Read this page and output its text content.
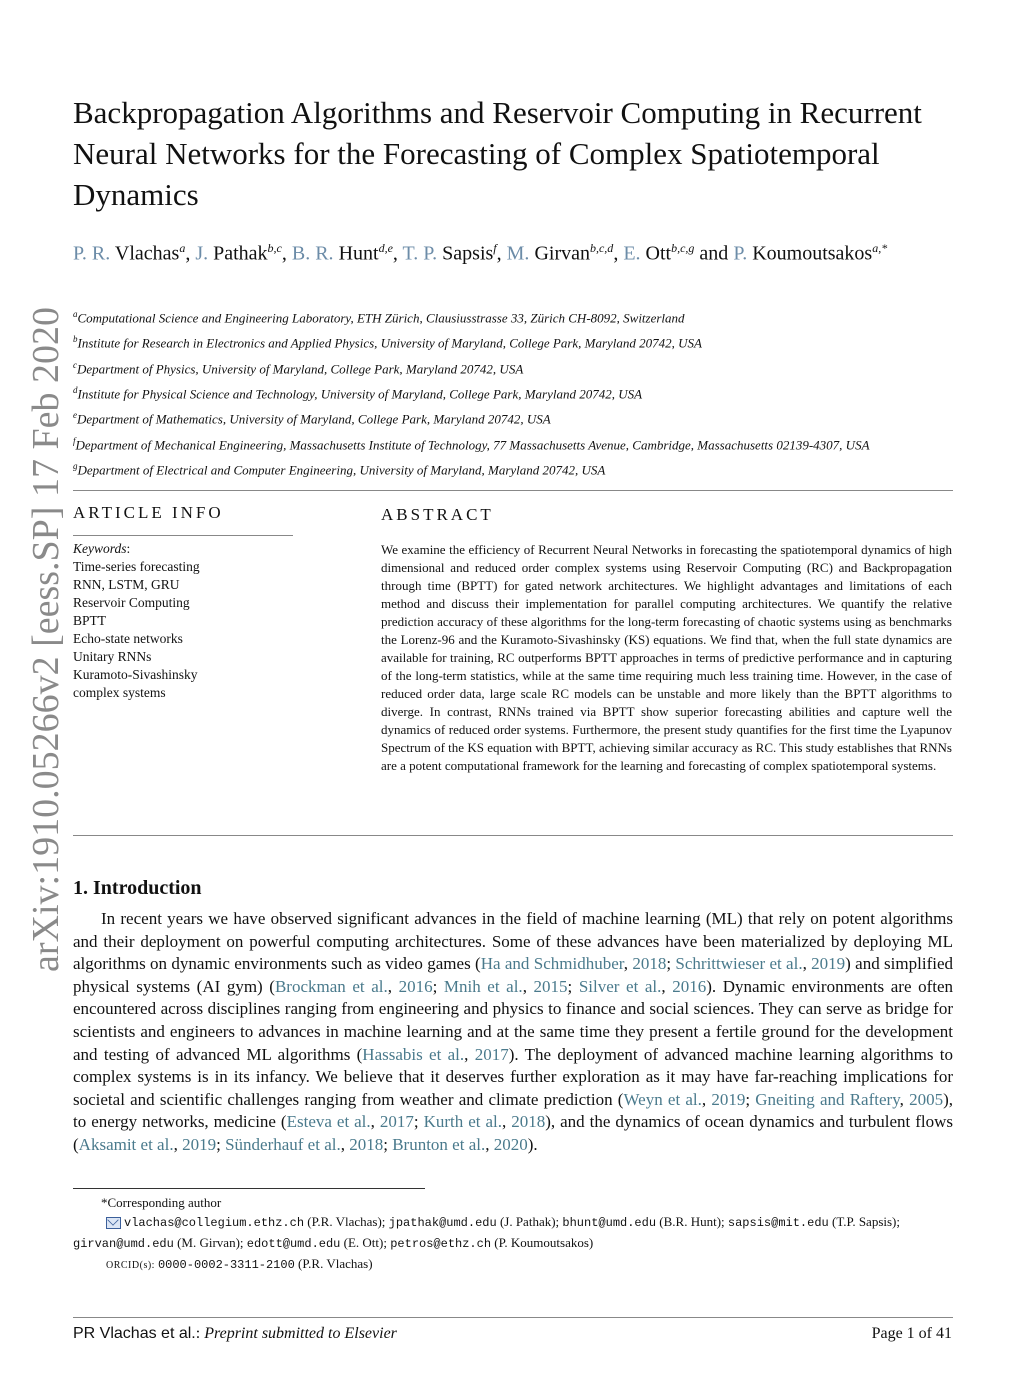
arXiv:1910.05266v2 [eess.SP] 17 Feb 2020
Backpropagation Algorithms and Reservoir Computing in Recurrent Neural Networks for the Forecasting of Complex Spatiotemporal Dynamics
P. R. Vlachas$^a$, J. Pathak$^{b,c}$, B. R. Hunt$^{d,e}$, T. P. Sapsis$^f$, M. Girvan$^{b,c,d}$, E. Ott$^{b,c,g}$ and P. Koumoutsakos$^{a,*}$
$^a$Computational Science and Engineering Laboratory, ETH Zürich, Clausiusstrasse 33, Zürich CH-8092, Switzerland
$^b$Institute for Research in Electronics and Applied Physics, University of Maryland, College Park, Maryland 20742, USA
$^c$Department of Physics, University of Maryland, College Park, Maryland 20742, USA
$^d$Institute for Physical Science and Technology, University of Maryland, College Park, Maryland 20742, USA
$^e$Department of Mathematics, University of Maryland, College Park, Maryland 20742, USA
$^f$Department of Mechanical Engineering, Massachusetts Institute of Technology, 77 Massachusetts Avenue, Cambridge, Massachusetts 02139-4307, USA
$^g$Department of Electrical and Computer Engineering, University of Maryland, Maryland 20742, USA
ARTICLE INFO	ABSTRACT
Keywords:
Time-series forecasting
RNN, LSTM, GRU
Reservoir Computing
BPTT
Echo-state networks
Unitary RNNs
Kuramoto-Sivashinsky
complex systems
We examine the efficiency of Recurrent Neural Networks in forecasting the spatiotemporal dynamics of high dimensional and reduced order complex systems using Reservoir Computing (RC) and Backpropagation through time (BPTT) for gated network architectures. We highlight advantages and limitations of each method and discuss their implementation for parallel computing architectures. We quantify the relative prediction accuracy of these algorithms for the long-term forecasting of chaotic systems using as benchmarks the Lorenz-96 and the Kuramoto-Sivashinsky (KS) equations. We find that, when the full state dynamics are available for training, RC outperforms BPTT approaches in terms of predictive performance and in capturing of the long-term statistics, while at the same time requiring much less training time. However, in the case of reduced order data, large scale RC models can be unstable and more likely than the BPTT algorithms to diverge. In contrast, RNNs trained via BPTT show superior forecasting abilities and capture well the dynamics of reduced order systems. Furthermore, the present study quantifies for the first time the Lyapunov Spectrum of the KS equation with BPTT, achieving similar accuracy as RC. This study establishes that RNNs are a potent computational framework for the learning and forecasting of complex spatiotemporal systems.
1. Introduction
In recent years we have observed significant advances in the field of machine learning (ML) that rely on potent algorithms and their deployment on powerful computing architectures. Some of these advances have been materialized by deploying ML algorithms on dynamic environments such as video games (Ha and Schmidhuber, 2018; Schrittwieser et al., 2019) and simplified physical systems (AI gym) (Brockman et al., 2016; Mnih et al., 2015; Silver et al., 2016). Dynamic environments are often encountered across disciplines ranging from engineering and physics to finance and social sciences. They can serve as bridge for scientists and engineers to advances in machine learning and at the same time they present a fertile ground for the development and testing of advanced ML algorithms (Hassabis et al., 2017). The deployment of advanced machine learning algorithms to complex systems is in its infancy. We believe that it deserves further exploration as it may have far-reaching implications for societal and scientific challenges ranging from weather and climate prediction (Weyn et al., 2019; Gneiting and Raftery, 2005), to energy networks, medicine (Esteva et al., 2017; Kurth et al., 2018), and the dynamics of ocean dynamics and turbulent flows (Aksamit et al., 2019; Sünderhauf et al., 2018; Brunton et al., 2020).
*Corresponding author
vlachas@collegium.ethz.ch (P.R. Vlachas); jpathak@umd.edu (J. Pathak); bhunt@umd.edu (B.R. Hunt); sapsis@mit.edu (T.P. Sapsis); girvan@umd.edu (M. Girvan); edott@umd.edu (E. Ott); petros@ethz.ch (P. Koumoutsakos)
ORCID(s): 0000-0002-3311-2100 (P.R. Vlachas)
PR Vlachas et al.: Preprint submitted to Elsevier	Page 1 of 41
